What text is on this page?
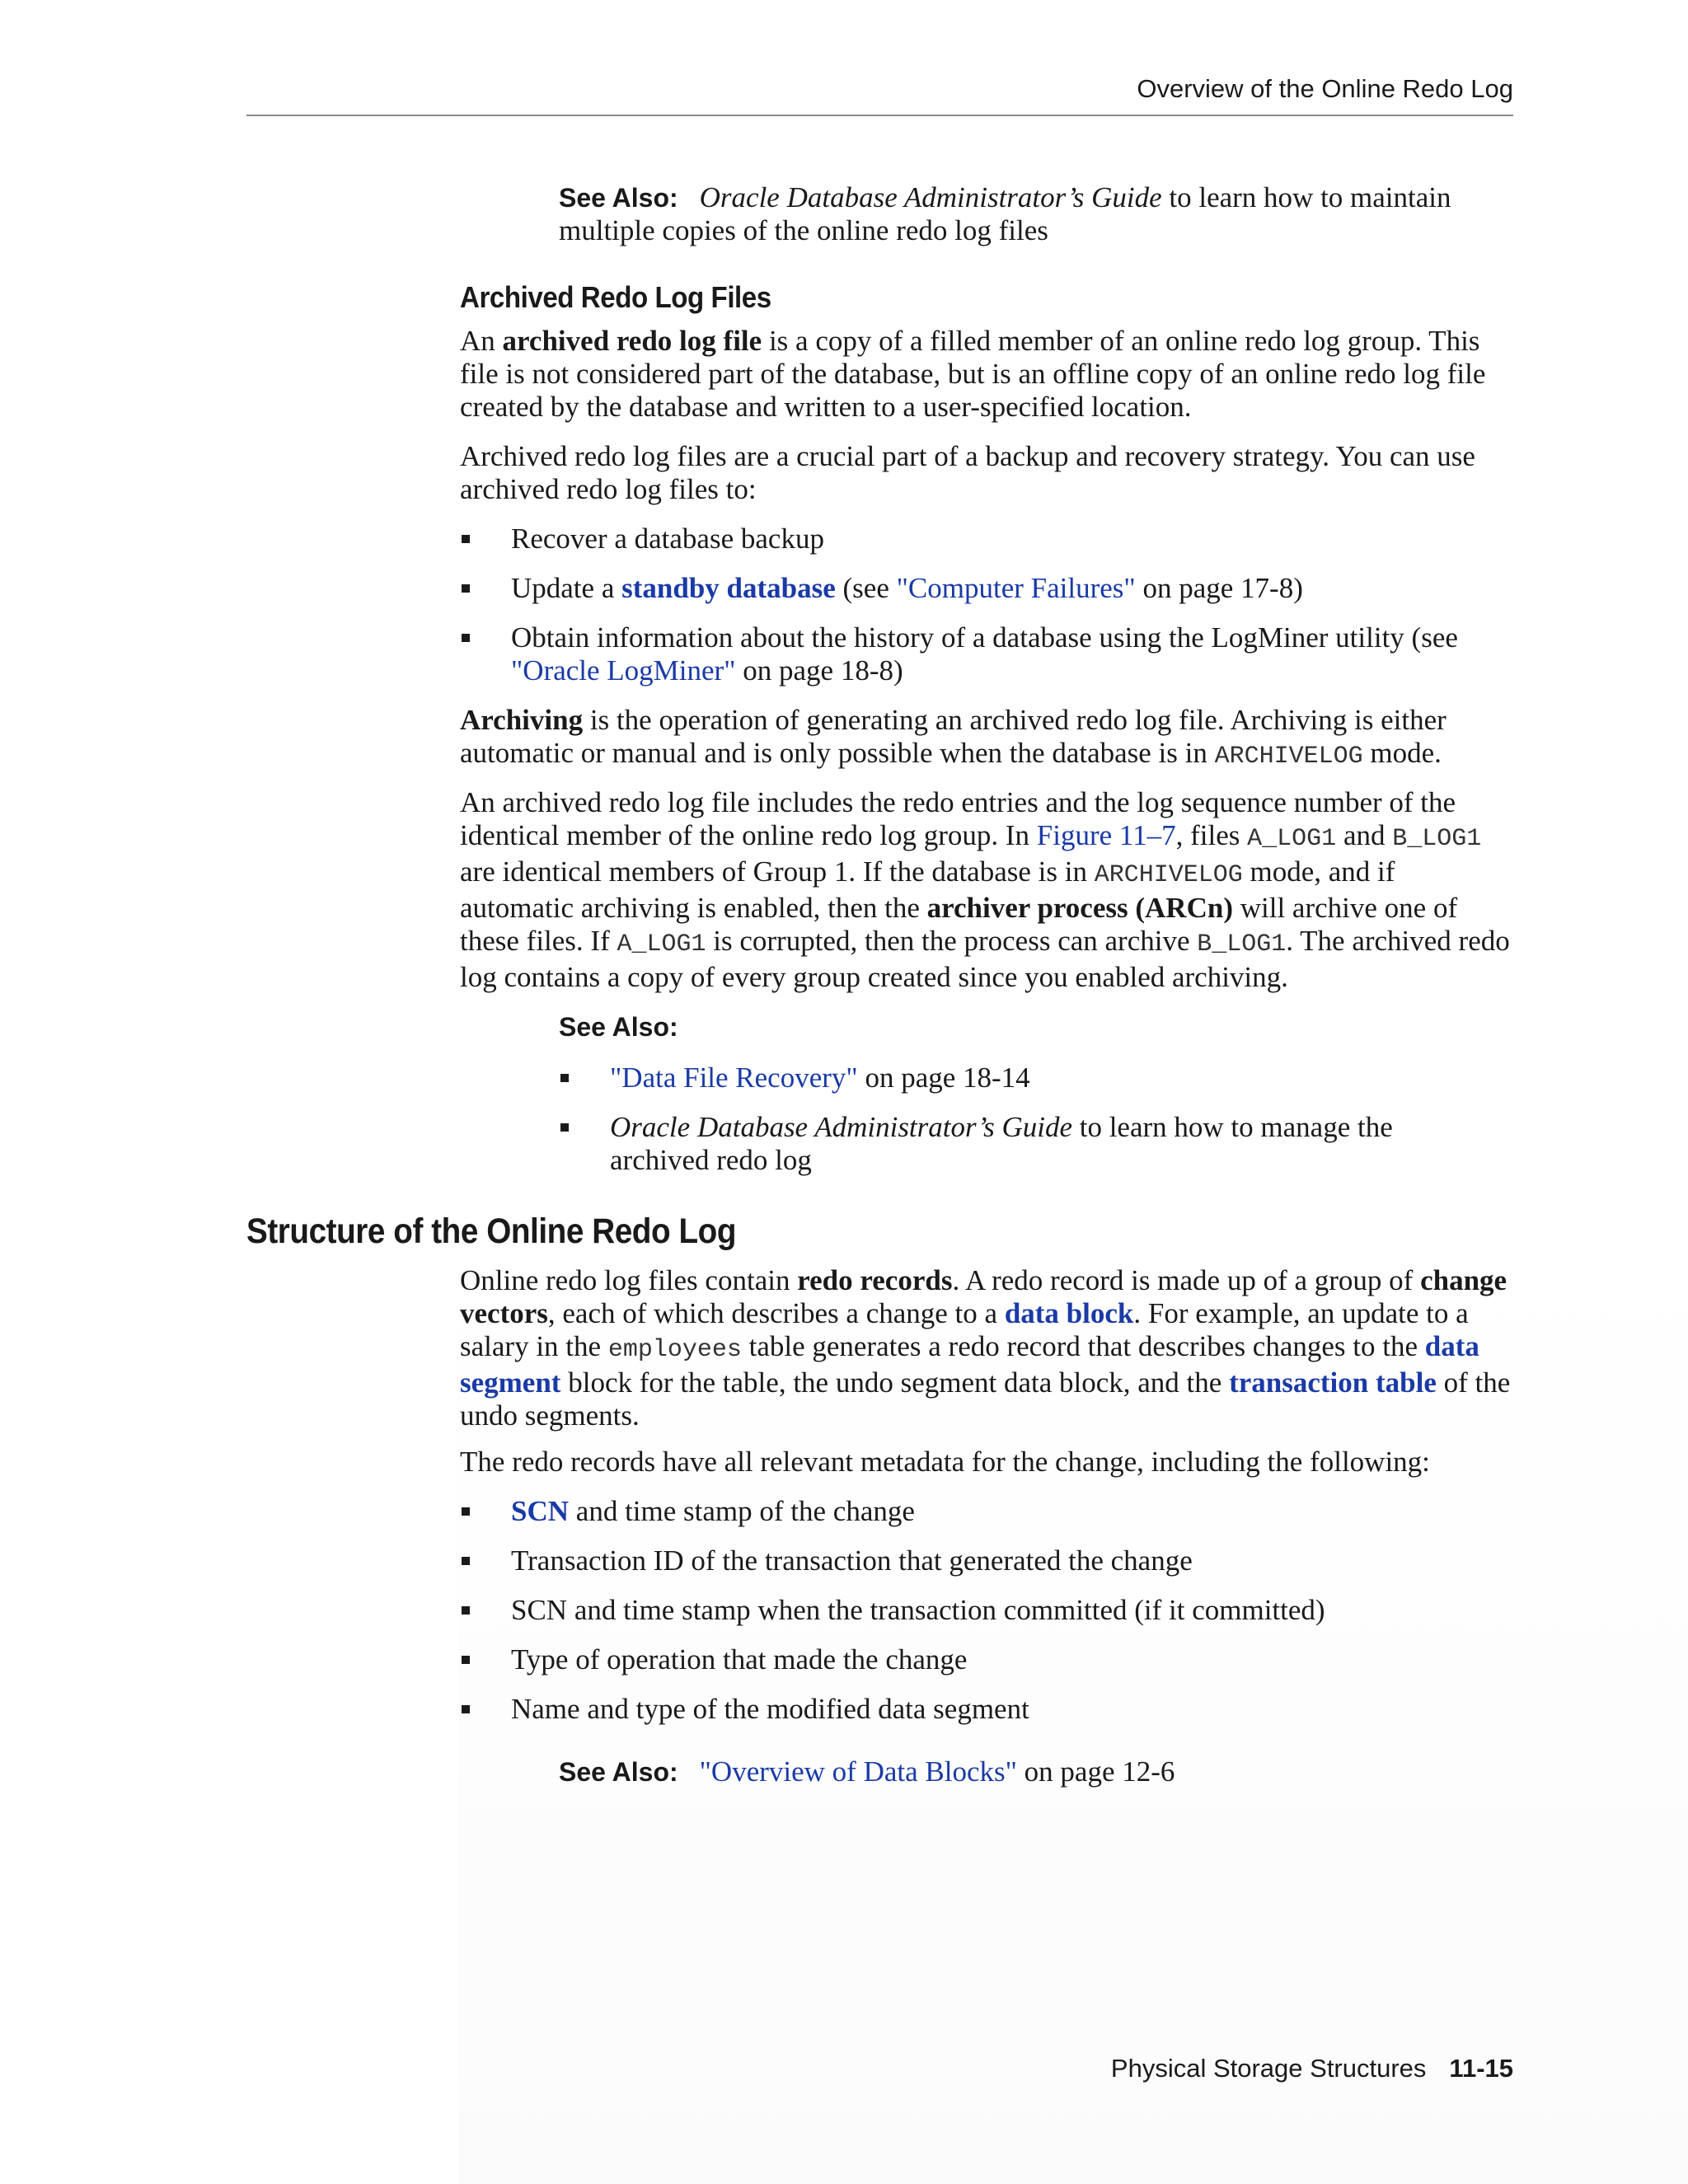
Overview of the Online Redo Log

See Also: Oracle Database Administrator’s Guide to learn how to maintain multiple copies of the online redo log files

Archived Redo Log Files

An archived redo log file is a copy of a filled member of an online redo log group. This file is not considered part of the database, but is an offline copy of an online redo log file created by the database and written to a user-specified location.

Archived redo log files are a crucial part of a backup and recovery strategy. You can use archived redo log files to:

Recover a database backup
Update a standby database (see "Computer Failures" on page 17-8)
Obtain information about the history of a database using the LogMiner utility (see "Oracle LogMiner" on page 18-8)

Archiving is the operation of generating an archived redo log file. Archiving is either automatic or manual and is only possible when the database is in ARCHIVELOG mode.

An archived redo log file includes the redo entries and the log sequence number of the identical member of the online redo log group. In Figure 11–7, files A_LOG1 and B_LOG1 are identical members of Group 1. If the database is in ARCHIVELOG mode, and if automatic archiving is enabled, then the archiver process (ARCn) will archive one of these files. If A_LOG1 is corrupted, then the process can archive B_LOG1. The archived redo log contains a copy of every group created since you enabled archiving.

See Also:

"Data File Recovery" on page 18-14
Oracle Database Administrator’s Guide to learn how to manage the archived redo log
Structure of the Online Redo Log

Online redo log files contain redo records. A redo record is made up of a group of change vectors, each of which describes a change to a data block. For example, an update to a salary in the employees table generates a redo record that describes changes to the data segment block for the table, the undo segment data block, and the transaction table of the undo segments.

The redo records have all relevant metadata for the change, including the following:

SCN and time stamp of the change
Transaction ID of the transaction that generated the change
SCN and time stamp when the transaction committed (if it committed)
Type of operation that made the change
Name and type of the modified data segment

See Also: "Overview of Data Blocks" on page 12-6

Physical Storage Structures 11-15
